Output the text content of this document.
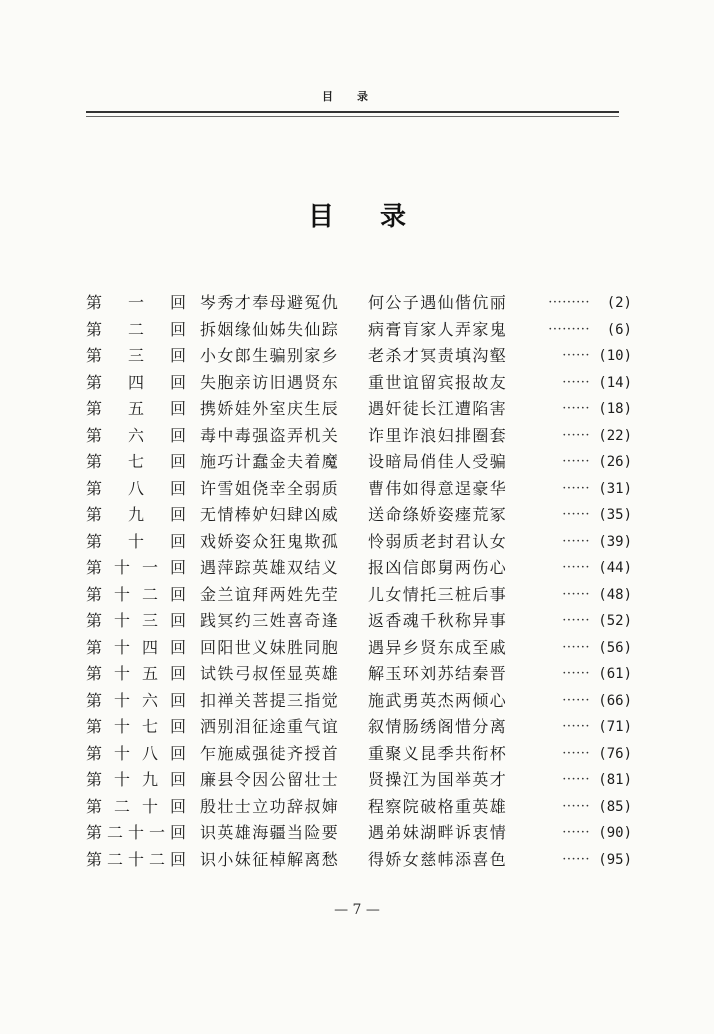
目录
目录
第 一 回 岑秀才奉母避冤仇	何公子遇仙偕伉丽	·········	(2)
第 二 回 拆姻缘仙姊失仙踪	病膏肓家人弄家鬼	·········	(6)
第 三 回 小女郎生骗别家乡	老杀才冥责填沟壑	······ (10)
第 四 回 失胞亲访旧遇贤东	重世谊留宾报故友	······ (14)
第 五 回 携娇娃外室庆生辰	遇奸徒长江遭陷害	······ (18)
第 六 回 毒中毒强盗弄机关	诈里诈浪妇排圈套	······ (22)
第 七 回 施巧计蠢金夫着魔	设暗局俏佳人受骗	······ (26)
第 八 回 许雪姐侥幸全弱质	曹伟如得意逞豪华	······ (31)
第 九 回 无情棒妒妇肆凶威	送命绦娇姿瘗荒冢	······ (35)
第 十 回 戏娇姿众狂鬼欺孤	怜弱质老封君认女	······ (39)
第 十 一 回 遇萍踪英雄双结义	报凶信郎舅两伤心	······ (44)
第 十 二 回 金兰谊拜两姓先茔	儿女情托三桩后事	······ (48)
第 十 三 回 践冥约三姓喜奇逢	返香魂千秋称异事	······ (52)
第 十 四 回 回阳世义妹胜同胞	遇异乡贤东成至戚	······ (56)
第 十 五 回 试铁弓叔侄显英雄	解玉环刘苏结秦晋	······ (61)
第 十 六 回 扣禅关菩提三指觉	施武勇英杰两倾心	······ (66)
第 十 七 回 洒别泪征途重气谊	叙情肠绣阁惜分离	······ (71)
第 十 八 回 乍施威强徒齐授首	重聚义昆季共衔杯	······ (76)
第 十 九 回 廉县令因公留壮士	贤操江为国举英才	······ (81)
第 二 十 回 殷壮士立功辞叔婶	程察院破格重英雄	······ (85)
第 二 十 一 回 识英雄海疆当险要	遇弟妹湖畔诉衷情	······ (90)
第 二 十 二 回 识小妹征棹解离愁	得娇女慈帏添喜色	······ (95)
— 7 —
